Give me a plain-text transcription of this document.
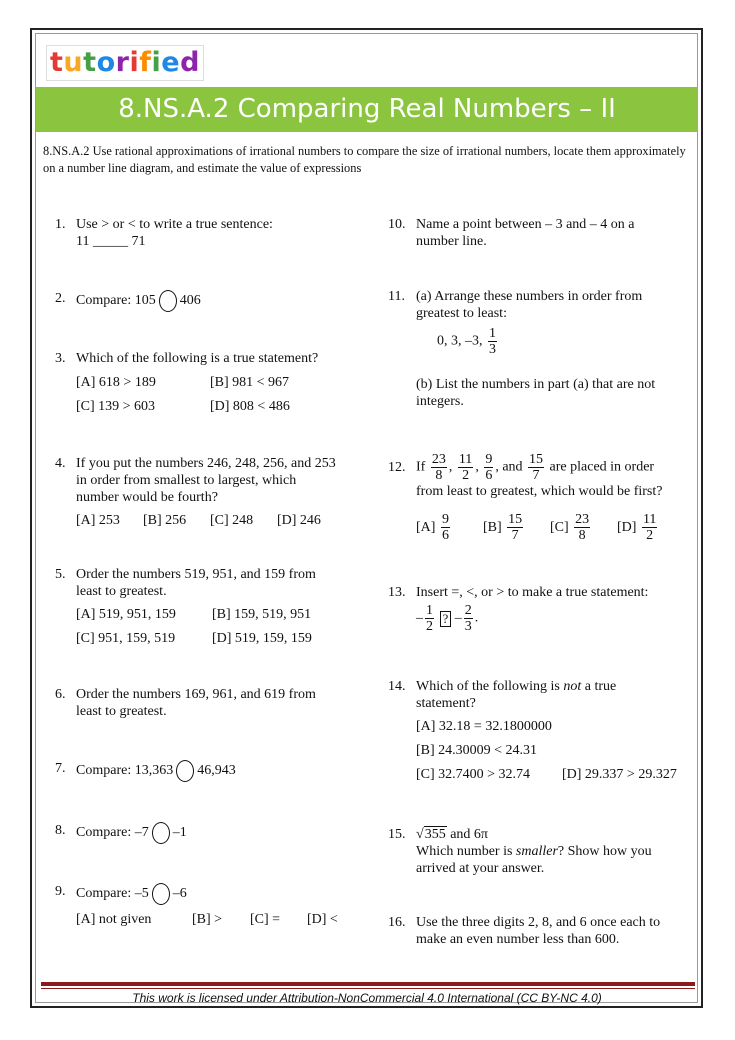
tutorified
8.NS.A.2 Comparing Real Numbers – II
8.NS.A.2 Use rational approximations of irrational numbers to compare the size of irrational numbers, locate them approximately on a number line diagram, and estimate the value of expressions
1. Use > or < to write a true sentence:
11 _____ 71
2. Compare: 105 406
3. Which of the following is a true statement?
[A] 618 > 189	[B] 981 < 967
[C] 139 > 603	[D] 808 < 486
4. If you put the numbers 246, 248, 256, and 253
in order from smallest to largest, which
number would be fourth?
[A] 253 [B] 256 [C] 248 [D] 246
5. Order the numbers 519, 951, and 159 from
least to greatest.
[A] 519, 951, 159	[B] 159, 519, 951
[C] 951, 159, 519	[D] 519, 159, 159
6. Order the numbers 169, 961, and 619 from
least to greatest.
7. Compare: 13,363 46,943
8. Compare: –7 –1
9. Compare: –5 –6
[A] not given	[B] > [C] = [D] <
10. Name a point between – 3 and – 4 on a
number line.
11. (a) Arrange these numbers in order from
greatest to least:
0, 3, –3, $\frac{1}{3}$
(b) List the numbers in part (a) that are not
integers.
12. If $\frac{23}{8}$ , $\frac{11}{2}$ , $\frac{9}{6}$ , and $\frac{15}{7}$ are placed in order
from least to greatest, which would be first?
$[A] \frac{9}{6} [B] \frac{15}{7} [C] \frac{23}{8} [D] \frac{11}{2}$
13. Insert =, <, or > to make a true statement:
– $\frac{1}{2}$ ? – $\frac{2}{3}$ .
14. Which of the following is not a true
statement?
[A] 32.18 = 32.1800000
[B] 24.30009 < 24.31
[C] 32.7400 > 32.74 [D] 29.337 > 29.327
15. √355 and 6π
Which number is smaller? Show how you
arrived at your answer.
16. Use the three digits 2, 8, and 6 once each to
make an even number less than 600.
This work is licensed under Attribution-NonCommercial 4.0 International (CC BY-NC 4.0)
